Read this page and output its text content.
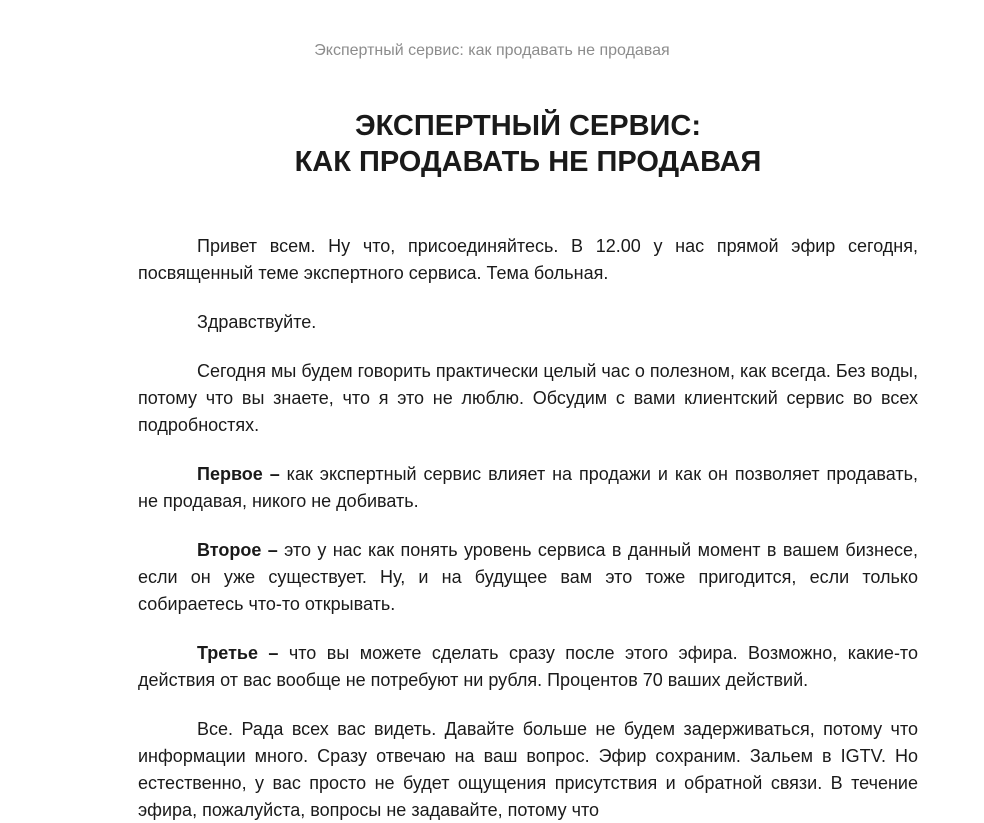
Экспертный сервис: как продавать не продавая
ЭКСПЕРТНЫЙ СЕРВИС:
КАК ПРОДАВАТЬ НЕ ПРОДАВАЯ

Привет всем. Ну что, присоединяйтесь. В 12.00 у нас прямой эфир сегодня, посвященный теме экспертного сервиса. Тема больная.

Здравствуйте.

Сегодня мы будем говорить практически целый час о полезном, как всегда. Без воды, потому что вы знаете, что я это не люблю. Обсудим с вами клиентский сервис во всех подробностях.

Первое – как экспертный сервис влияет на продажи и как он позволяет продавать, не продавая, никого не добивать.

Второе – это у нас как понять уровень сервиса в данный момент в вашем бизнесе, если он уже существует. Ну, и на будущее вам это тоже пригодится, если только собираетесь что-то открывать.

Третье – что вы можете сделать сразу после этого эфира. Возможно, какие-то действия от вас вообще не потребуют ни рубля. Процентов 70 ваших действий.

Все. Рада всех вас видеть. Давайте больше не будем задерживаться, потому что информации много. Сразу отвечаю на ваш вопрос. Эфир сохраним. Зальем в IGTV. Но естественно, у вас просто не будет ощущения присутствия и обратной связи. В течение эфира, пожалуйста, вопросы не задавайте, потому что
